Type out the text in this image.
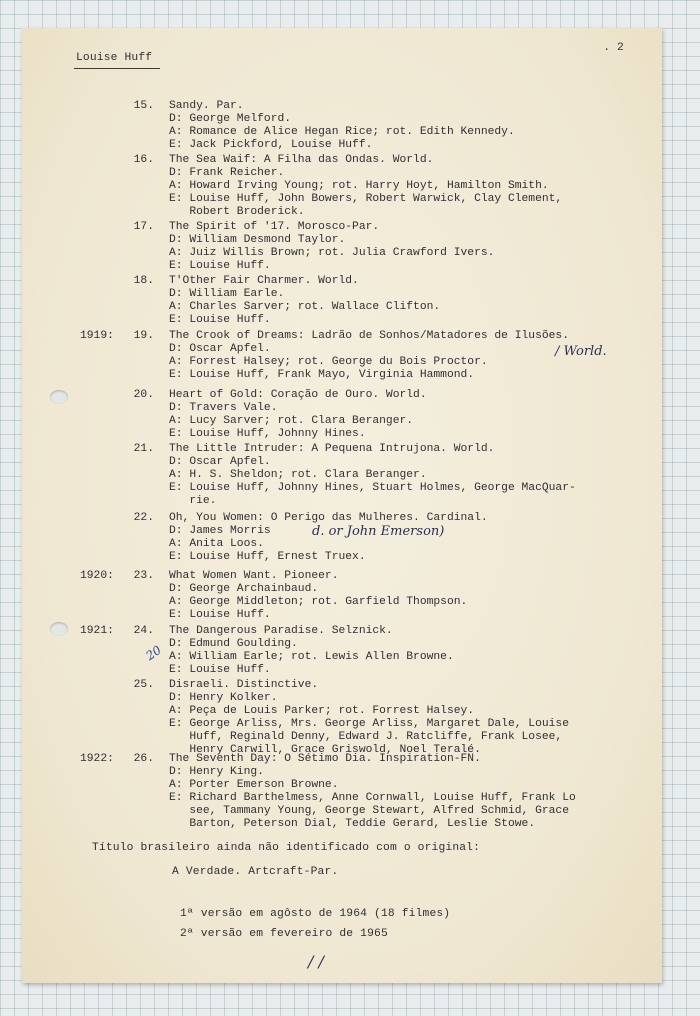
Louise Huff
. 2
15. Sandy. Par.
D: George Melford.
A: Romance de Alice Hegan Rice; rot. Edith Kennedy.
E: Jack Pickford, Louise Huff.
16. The Sea Waif: A Filha das Ondas. World.
D: Frank Reicher.
A: Howard Irving Young; rot. Harry Hoyt, Hamilton Smith.
E: Louise Huff, John Bowers, Robert Warwick, Clay Clement,
Robert Broderick.
17. The Spirit of '17. Morosco-Par.
D: William Desmond Taylor.
A: Juiz Willis Brown; rot. Julia Crawford Ivers.
E: Louise Huff.
18. T'Other Fair Charmer. World.
D: William Earle.
A: Charles Sarver; rot. Wallace Clifton.
E: Louise Huff.
1919:	19. The Crook of Dreams: Ladrão de Sonhos/Matadores de Ilusões.
D: Oscar Apfel.
A: Forrest Halsey; rot. George du Bois Proctor.
E: Louise Huff, Frank Mayo, Virginia Hammond.
20. Heart of Gold: Coração de Ouro. World.
D: Travers Vale.
A: Lucy Sarver; rot. Clara Beranger.
E: Louise Huff, Johnny Hines.
21. The Little Intruder: A Pequena Intrujona. World.
D: Oscar Apfel.
A: H. S. Sheldon; rot. Clara Beranger.
E: Louise Huff, Johnny Hines, Stuart Holmes, George MacQuar-
rie.
22. Oh, You Women: O Perigo das Mulheres. Cardinal.
D: James Morris
A: Anita Loos.
E: Louise Huff, Ernest Truex.
1920:	23. What Women Want. Pioneer.
D: George Archainbaud.
A: George Middleton; rot. Garfield Thompson.
E: Louise Huff.
1921:	24. The Dangerous Paradise. Selznick.
D: Edmund Goulding.
A: William Earle; rot. Lewis Allen Browne.
E: Louise Huff.
25. Disraeli. Distinctive.
D: Henry Kolker.
A: Peça de Louis Parker; rot. Forrest Halsey.
E: George Arliss, Mrs. George Arliss, Margaret Dale, Louise
Huff, Reginald Denny, Edward J. Ratcliffe, Frank Losee,
Henry Carwill, Grace Griswold, Noel Teralé.
1922:	26. The Seventh Day: O Sétimo Dia. Inspiration-FN.
D: Henry King.
A: Porter Emerson Browne.
E: Richard Barthelmess, Anne Cornwall, Louise Huff, Frank Lo
see, Tammany Young, George Stewart, Alfred Schmid, Grace
Barton, Peterson Dial, Teddie Gerard, Leslie Stowe.
/ World.
d. or John Emerson)
20
Título brasileiro ainda não identificado com o original:
A Verdade. Artcraft-Par.
1ª versão em agôsto de 1964 (18 filmes)
2ª versão em fevereiro de 1965
/ /
